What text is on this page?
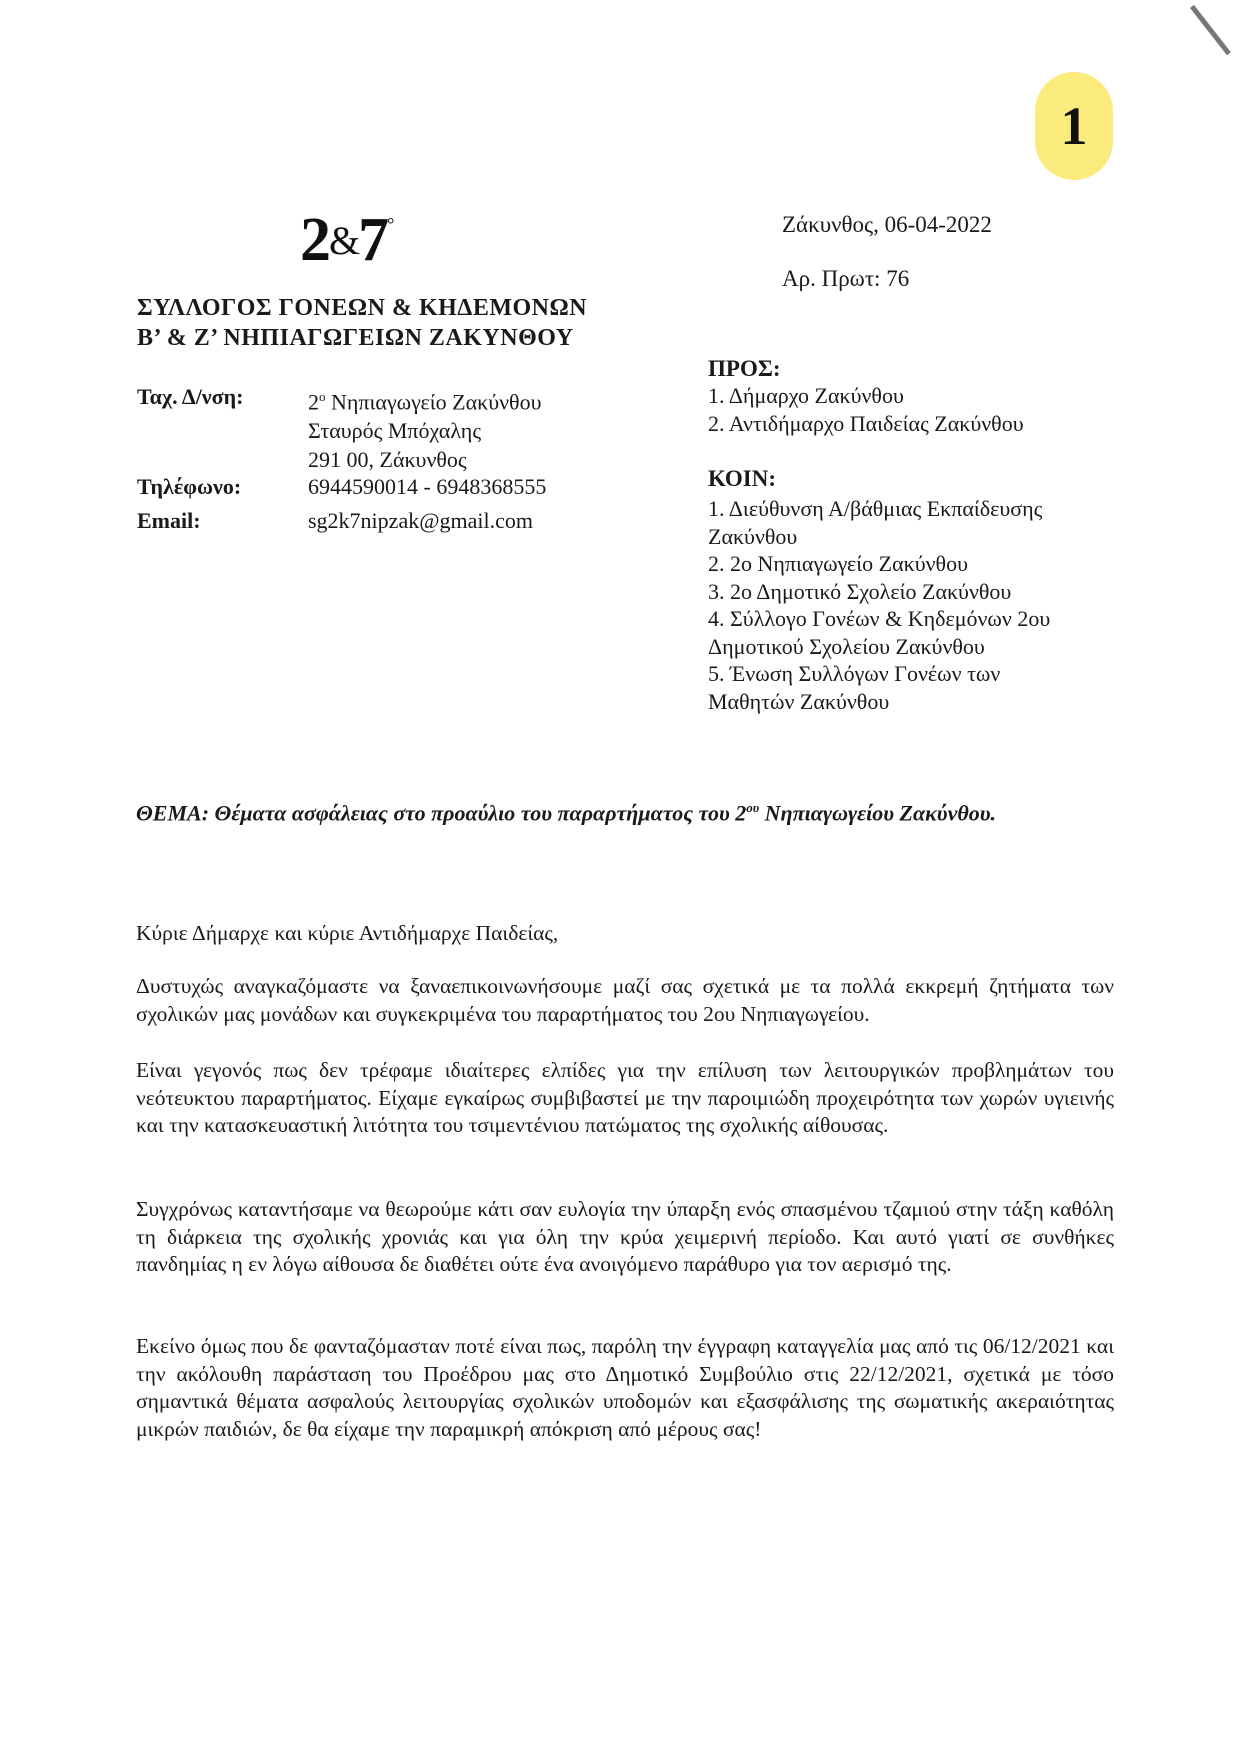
1
2&7°
ΣΥΛΛΟΓΟΣ ΓΟΝΕΩΝ & ΚΗΔΕΜΟΝΩΝ
Β’ & Ζ’ ΝΗΠΙΑΓΩΓΕΙΩΝ ΖΑΚΥΝΘΟΥ
Ταχ. Δ/νση:	$2^o$ Νηπιαγωγείο Ζακύνθου
Σταυρός Μπόχαλης
291 00, Ζάκυνθος
Τηλέφωνο:	6944590014 - 6948368555
Email:	sg2k7nipzak@gmail.com
Ζάκυνθος, 06-04-2022
Αρ. Πρωτ: 76
ΠΡΟΣ:
1. Δήμαρχο Ζακύνθου
2. Αντιδήμαρχο Παιδείας Ζακύνθου
ΚΟΙΝ:
1. Διεύθυνση Α/βάθμιας Εκπαίδευσης
Ζακύνθου
2. 2ο Νηπιαγωγείο Ζακύνθου
3. 2ο Δημοτικό Σχολείο Ζακύνθου
4. Σύλλογο Γονέων & Κηδεμόνων 2ου
Δημοτικού Σχολείου Ζακύνθου
5. Ένωση Συλλόγων Γονέων των
Μαθητών Ζακύνθου
ΘΕΜΑ: Θέματα ασφάλειας στο προαύλιο του παραρτήματος του $2^{o\upsilon}$ Νηπιαγωγείου Ζακύνθου.
Κύριε Δήμαρχε και κύριε Αντιδήμαρχε Παιδείας,
Δυστυχώς αναγκαζόμαστε να ξαναεπικοινωνήσουμε μαζί σας σχετικά με τα πολλά εκκρεμή ζητήματα των σχολικών μας μονάδων και συγκεκριμένα του παραρτήματος του 2ου Νηπιαγωγείου.
Είναι γεγονός πως δεν τρέφαμε ιδιαίτερες ελπίδες για την επίλυση των λειτουργικών προβλημάτων του νεότευκτου παραρτήματος. Είχαμε εγκαίρως συμβιβαστεί με την παροιμιώδη προχειρότητα των χωρών υγιεινής και την κατασκευαστική λιτότητα του τσιμεντένιου πατώματος της σχολικής αίθουσας.
Συγχρόνως καταντήσαμε να θεωρούμε κάτι σαν ευλογία την ύπαρξη ενός σπασμένου τζαμιού στην τάξη καθόλη τη διάρκεια της σχολικής χρονιάς και για όλη την κρύα χειμερινή περίοδο. Και αυτό γιατί σε συνθήκες πανδημίας η εν λόγω αίθουσα δε διαθέτει ούτε ένα ανοιγόμενο παράθυρο για τον αερισμό της.
Εκείνο όμως που δε φανταζόμασταν ποτέ είναι πως, παρόλη την έγγραφη καταγγελία μας από τις 06/12/2021 και την ακόλουθη παράσταση του Προέδρου μας στο Δημοτικό Συμβούλιο στις 22/12/2021, σχετικά με τόσο σημαντικά θέματα ασφαλούς λειτουργίας σχολικών υποδομών και εξασφάλισης της σωματικής ακεραιότητας μικρών παιδιών, δε θα είχαμε την παραμικρή απόκριση από μέρους σας!
